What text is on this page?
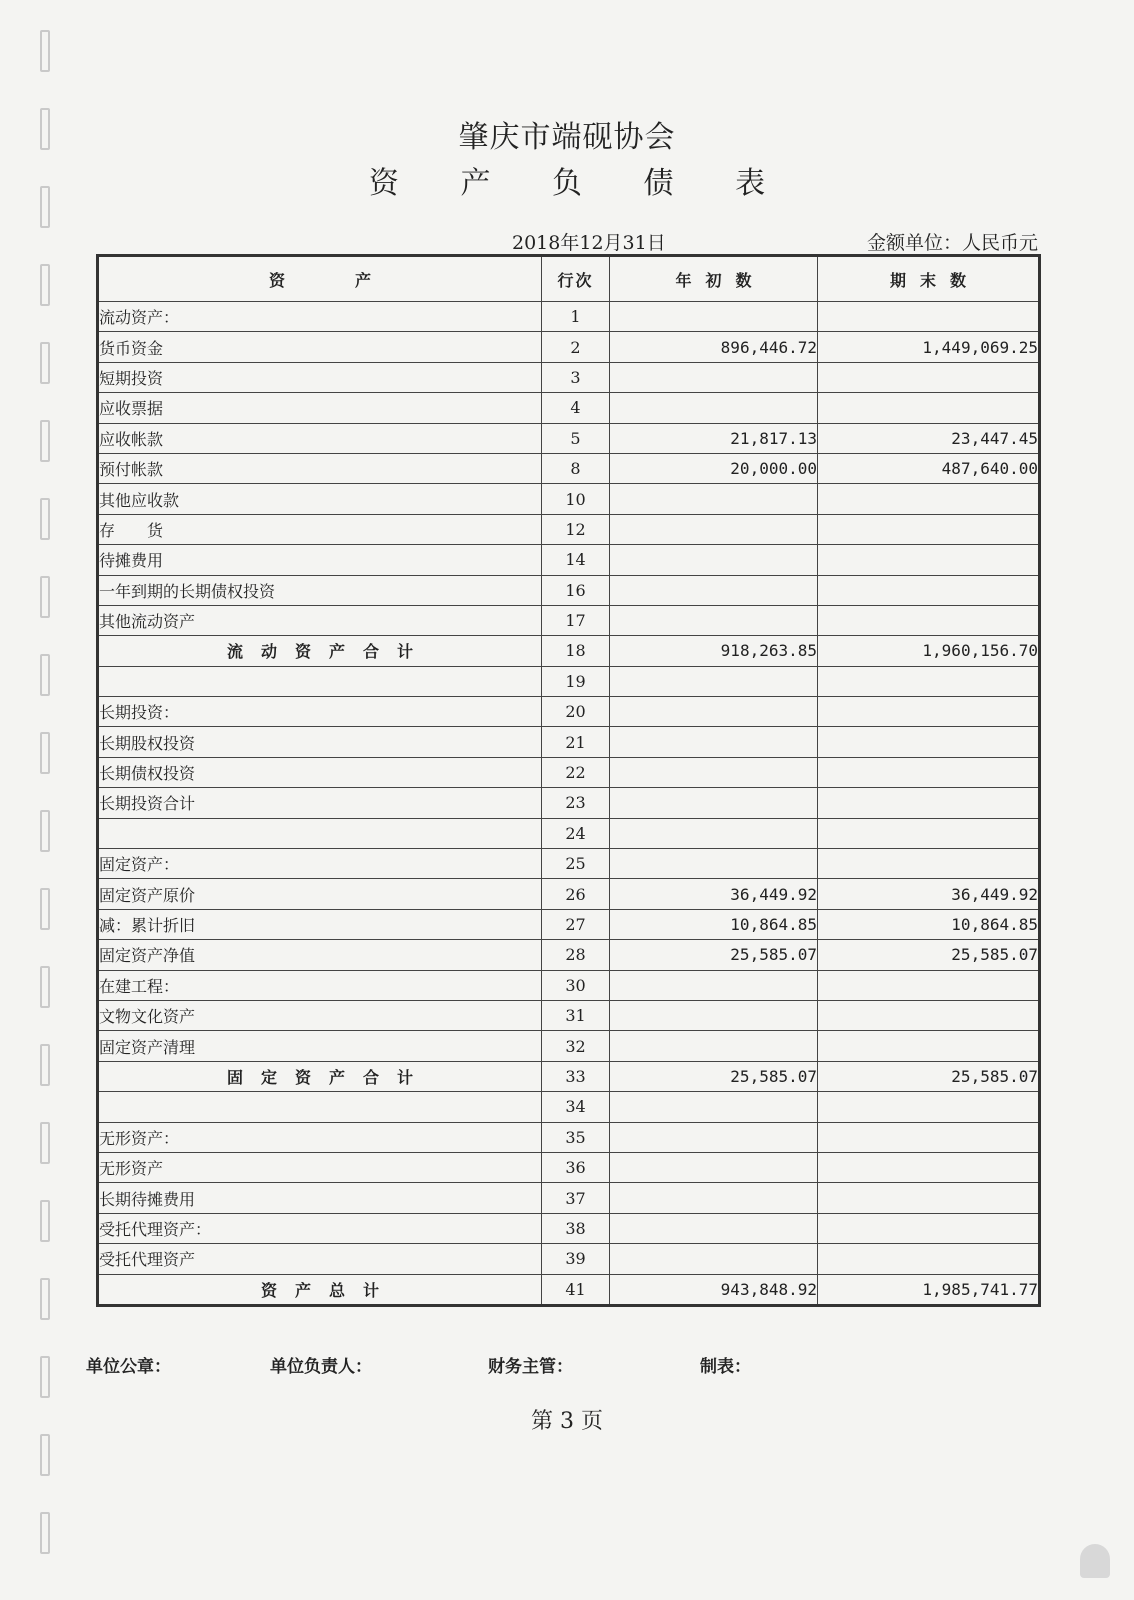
肇庆市端砚协会
资 产 负 债 表
2018年12月31日	金额单位：人民币元
资产	行次	年初数	期末数
流动资产：	1		
货币资金	2	896,446.72	1,449,069.25
短期投资	3		
应收票据	4		
应收帐款	5	21,817.13	23,447.45
预付帐款	8	20,000.00	487,640.00
其他应收款	10		
存　　货	12		
待摊费用	14		
一年到期的长期债权投资	16		
其他流动资产	17		
流动资产合计	18	918,263.85	1,960,156.70
	19		
长期投资：	20		
长期股权投资	21		
长期债权投资	22		
长期投资合计	23		
	24		
固定资产：	25		
固定资产原价	26	36,449.92	36,449.92
减：累计折旧	27	10,864.85	10,864.85
固定资产净值	28	25,585.07	25,585.07
在建工程：	30		
文物文化资产	31		
固定资产清理	32		
固定资产合计	33	25,585.07	25,585.07
	34		
无形资产：	35		
无形资产	36		
长期待摊费用	37		
受托代理资产：	38		
受托代理资产	39		
资产总计	41	943,848.92	1,985,741.77
单位公章：	单位负责人：	财务主管：	制表：
第 3 页
